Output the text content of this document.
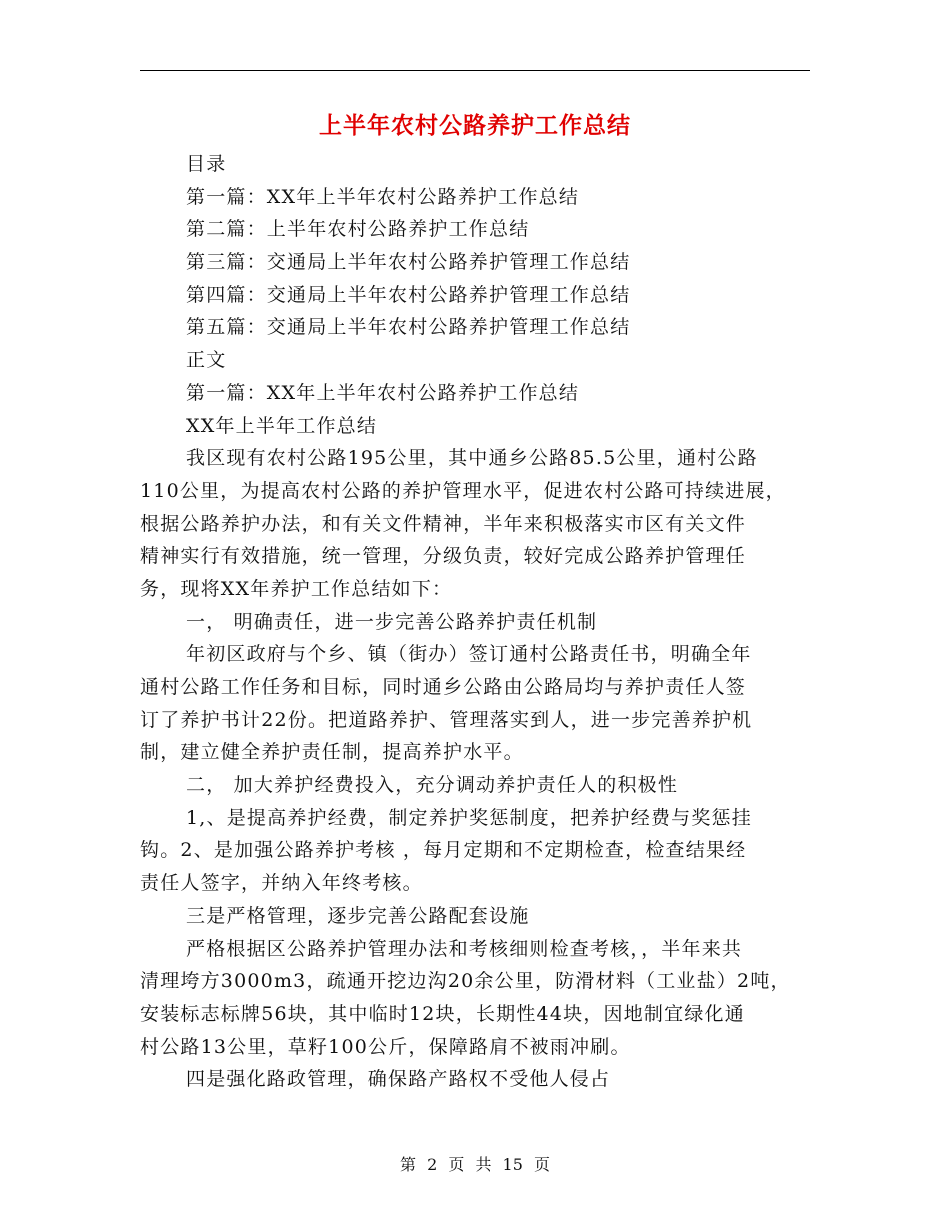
上半年农村公路养护工作总结
目录
第一篇：XX年上半年农村公路养护工作总结
第二篇：上半年农村公路养护工作总结
第三篇：交通局上半年农村公路养护管理工作总结
第四篇：交通局上半年农村公路养护管理工作总结
第五篇：交通局上半年农村公路养护管理工作总结
正文
第一篇：XX年上半年农村公路养护工作总结
XX年上半年工作总结
我区现有农村公路195公里，其中通乡公路85.5公里，通村公路
110公里，为提高农村公路的养护管理水平，促进农村公路可持续进展，
根据公路养护办法，和有关文件精神，半年来积极落实市区有关文件
精神实行有效措施，统一管理，分级负责，较好完成公路养护管理任
务，现将XX年养护工作总结如下：
一， 明确责任，进一步完善公路养护责任机制
年初区政府与个乡、镇（街办）签订通村公路责任书，明确全年
通村公路工作任务和目标，同时通乡公路由公路局均与养护责任人签
订了养护书计22份。把道路养护、管理落实到人，进一步完善养护机
制，建立健全养护责任制，提高养护水平。
二， 加大养护经费投入，充分调动养护责任人的积极性
1,、是提高养护经费，制定养护奖惩制度，把养护经费与奖惩挂
钩。2、是加强公路养护考核 ，每月定期和不定期检查，检查结果经
责任人签字，并纳入年终考核。
三是严格管理，逐步完善公路配套设施
严格根据区公路养护管理办法和考核细则检查考核，，半年来共
清理垮方3000m3，疏通开挖边沟20余公里，防滑材料（工业盐）2吨，
安装标志标牌56块，其中临时12块，长期性44块，因地制宜绿化通
村公路13公里，草籽100公斤，保障路肩不被雨冲刷。
四是强化路政管理，确保路产路权不受他人侵占
第 2 页 共 15 页
